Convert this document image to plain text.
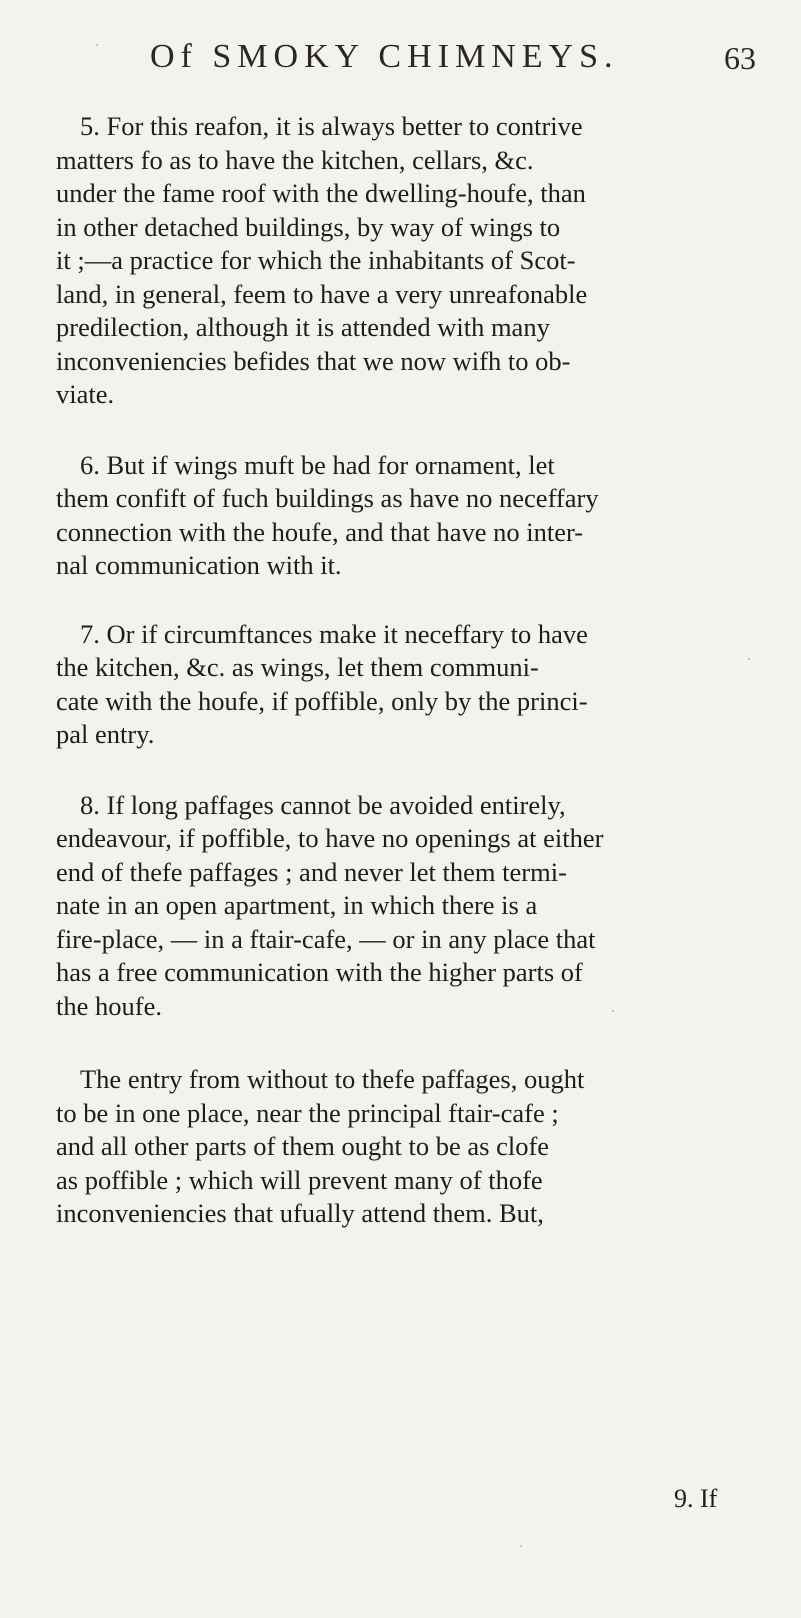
Of SMOKY CHIMNEYS.	63
5. For this reafon, it is always better to contrive
matters fo as to have the kitchen, cellars, &c.
under the fame roof with the dwelling-houfe, than
in other detached buildings, by way of wings to
it ;—a practice for which the inhabitants of Scot-
land, in general, feem to have a very unreafonable
predilection, although it is attended with many
inconveniencies befides that we now wifh to ob-
viate.
6. But if wings muft be had for ornament, let
them confift of fuch buildings as have no neceffary
connection with the houfe, and that have no inter-
nal communication with it.
7. Or if circumftances make it neceffary to have
the kitchen, &c. as wings, let them communi-
cate with the houfe, if poffible, only by the princi-
pal entry.
8. If long paffages cannot be avoided entirely,
endeavour, if poffible, to have no openings at either
end of thefe paffages ; and never let them termi-
nate in an open apartment, in which there is a
fire-place, — in a ftair-cafe, — or in any place that
has a free communication with the higher parts of
the houfe.
The entry from without to thefe paffages, ought
to be in one place, near the principal ftair-cafe ;
and all other parts of them ought to be as clofe
as poffible ; which will prevent many of thofe
inconveniencies that ufually attend them. But,
9. If
